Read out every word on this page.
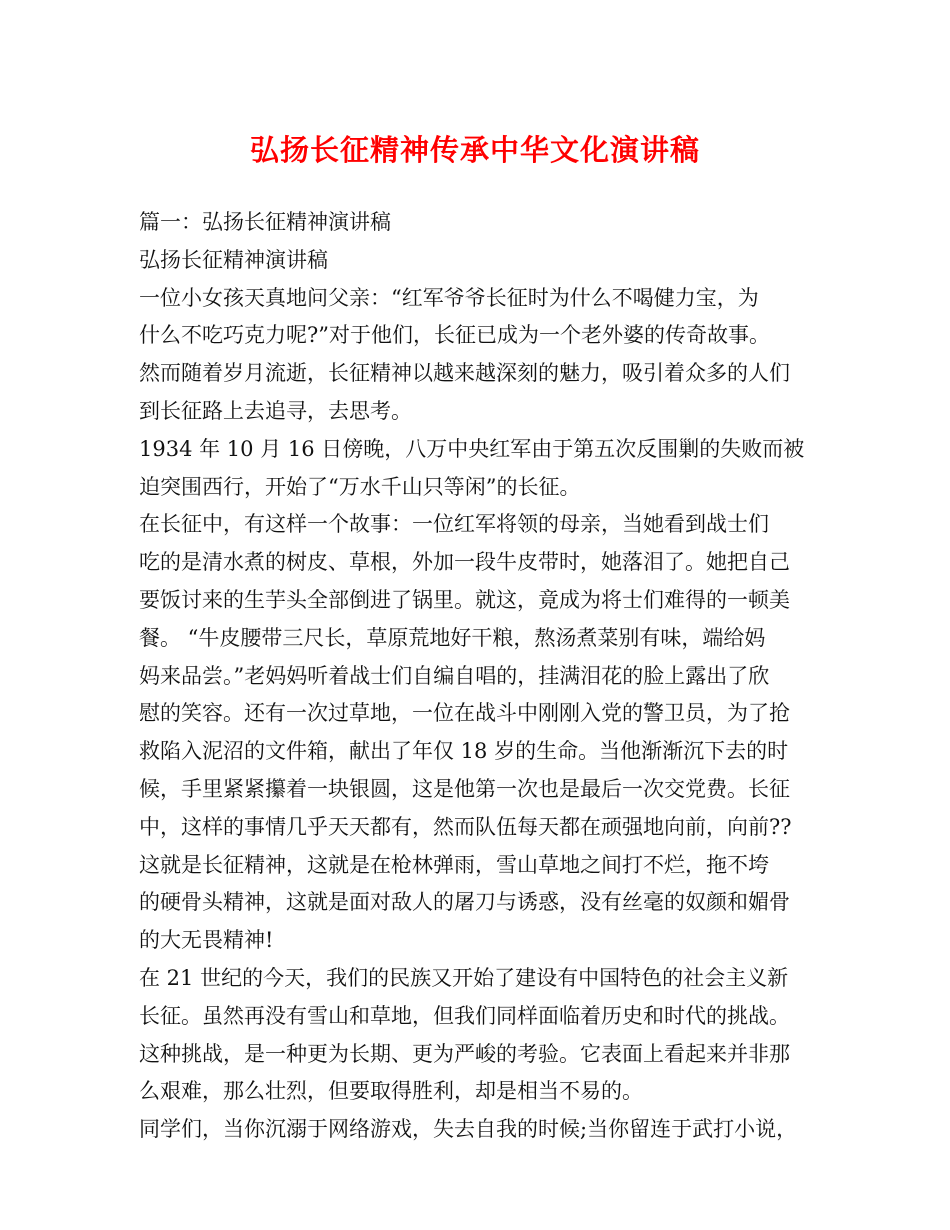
弘扬长征精神传承中华文化演讲稿
篇一：弘扬长征精神演讲稿
弘扬长征精神演讲稿
一位小女孩天真地问父亲：“红军爷爷长征时为什么不喝健力宝，为
什么不吃巧克力呢?”对于他们，长征已成为一个老外婆的传奇故事。
然而随着岁月流逝，长征精神以越来越深刻的魅力，吸引着众多的人们
到长征路上去追寻，去思考。
1934 年 10 月 16 日傍晚，八万中央红军由于第五次反围剿的失败而被
迫突围西行，开始了“万水千山只等闲”的长征。
在长征中，有这样一个故事：一位红军将领的母亲，当她看到战士们
吃的是清水煮的树皮、草根，外加一段牛皮带时，她落泪了。她把自己
要饭讨来的生芋头全部倒进了锅里。就这，竟成为将士们难得的一顿美
餐。 “牛皮腰带三尺长，草原荒地好干粮，熬汤煮菜别有味，端给妈
妈来品尝。”老妈妈听着战士们自编自唱的，挂满泪花的脸上露出了欣
慰的笑容。还有一次过草地，一位在战斗中刚刚入党的警卫员，为了抢
救陷入泥沼的文件箱，献出了年仅 18 岁的生命。当他渐渐沉下去的时
候，手里紧紧攥着一块银圆，这是他第一次也是最后一次交党费。长征
中，这样的事情几乎天天都有，然而队伍每天都在顽强地向前，向前??
这就是长征精神，这就是在枪林弹雨，雪山草地之间打不烂，拖不垮
的硬骨头精神，这就是面对敌人的屠刀与诱惑，没有丝毫的奴颜和媚骨
的大无畏精神!
在 21 世纪的今天，我们的民族又开始了建设有中国特色的社会主义新
长征。虽然再没有雪山和草地，但我们同样面临着历史和时代的挑战。
这种挑战，是一种更为长期、更为严峻的考验。它表面上看起来并非那
么艰难，那么壮烈，但要取得胜利，却是相当不易的。
同学们，当你沉溺于网络游戏，失去自我的时候;当你留连于武打小说，
